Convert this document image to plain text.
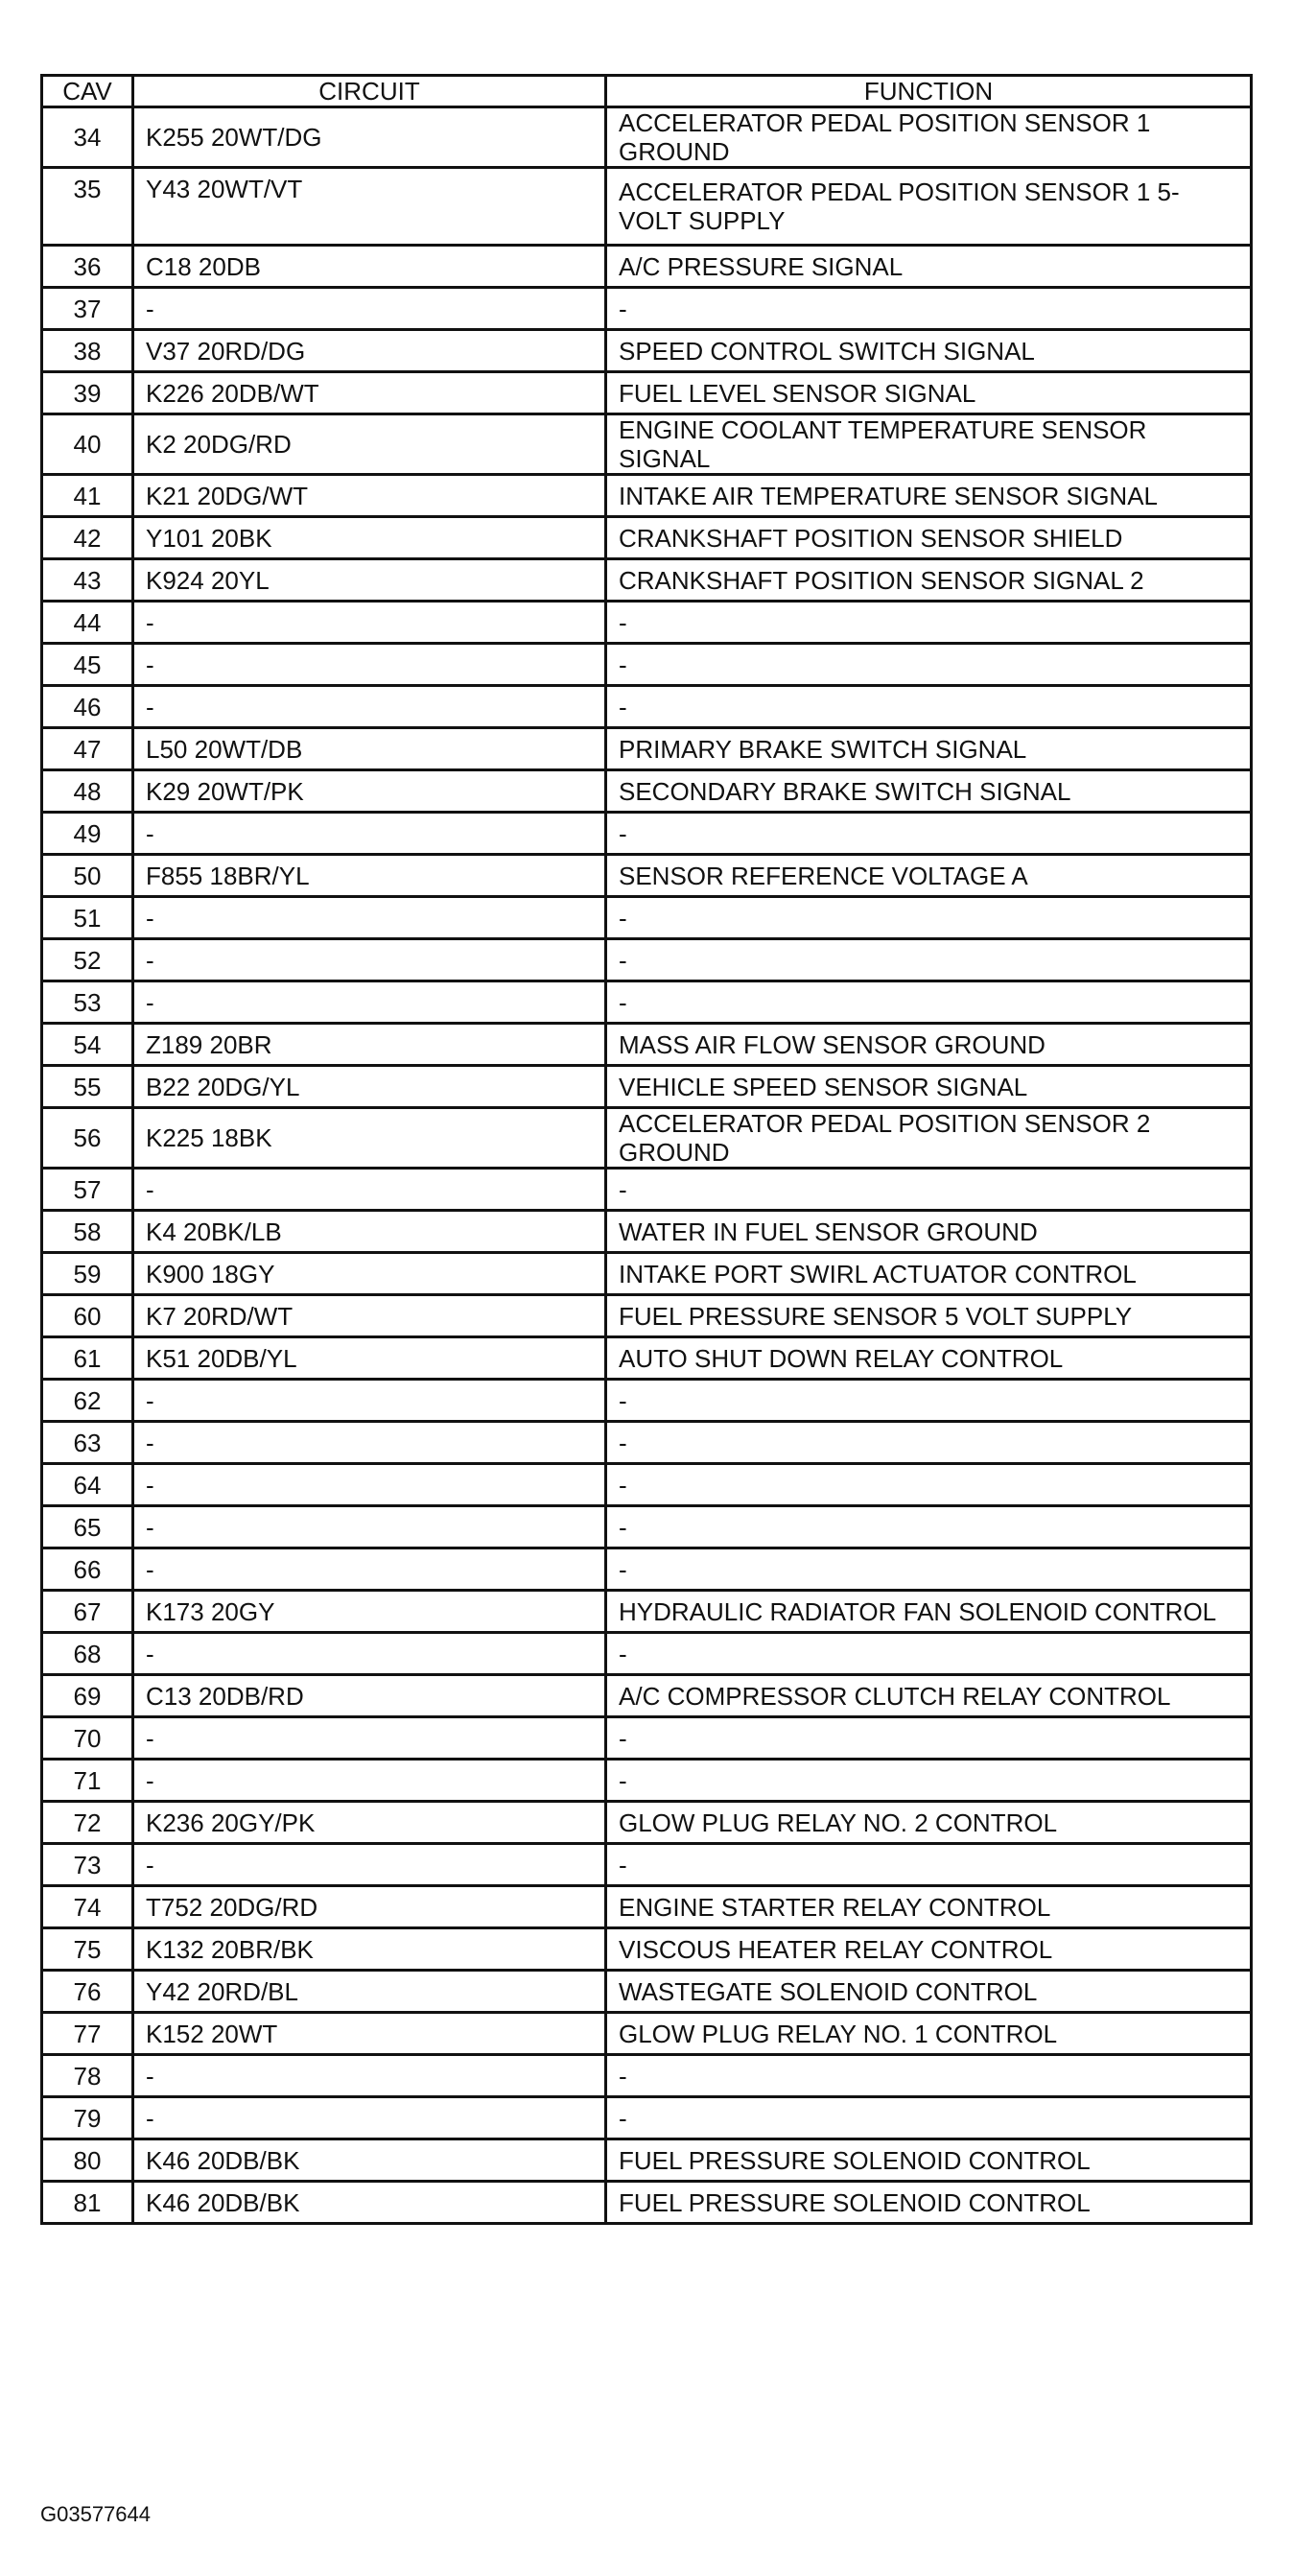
CAV	CIRCUIT	FUNCTION
34	K255 20WT/DG	ACCELERATOR PEDAL POSITION SENSOR 1 GROUND
35	Y43 20WT/VT	ACCELERATOR PEDAL POSITION SENSOR 1 5-VOLT SUPPLY
36	C18 20DB	A/C PRESSURE SIGNAL
37	-	-
38	V37 20RD/DG	SPEED CONTROL SWITCH SIGNAL
39	K226 20DB/WT	FUEL LEVEL SENSOR SIGNAL
40	K2 20DG/RD	ENGINE COOLANT TEMPERATURE SENSOR SIGNAL
41	K21 20DG/WT	INTAKE AIR TEMPERATURE SENSOR SIGNAL
42	Y101 20BK	CRANKSHAFT POSITION SENSOR SHIELD
43	K924 20YL	CRANKSHAFT POSITION SENSOR SIGNAL 2
44	-	-
45	-	-
46	-	-
47	L50 20WT/DB	PRIMARY BRAKE SWITCH SIGNAL
48	K29 20WT/PK	SECONDARY BRAKE SWITCH SIGNAL
49	-	-
50	F855 18BR/YL	SENSOR REFERENCE VOLTAGE A
51	-	-
52	-	-
53	-	-
54	Z189 20BR	MASS AIR FLOW SENSOR GROUND
55	B22 20DG/YL	VEHICLE SPEED SENSOR SIGNAL
56	K225 18BK	ACCELERATOR PEDAL POSITION SENSOR 2 GROUND
57	-	-
58	K4 20BK/LB	WATER IN FUEL SENSOR GROUND
59	K900 18GY	INTAKE PORT SWIRL ACTUATOR CONTROL
60	K7 20RD/WT	FUEL PRESSURE SENSOR 5 VOLT SUPPLY
61	K51 20DB/YL	AUTO SHUT DOWN RELAY CONTROL
62	-	-
63	-	-
64	-	-
65	-	-
66	-	-
67	K173 20GY	HYDRAULIC RADIATOR FAN SOLENOID CONTROL
68	-	-
69	C13 20DB/RD	A/C COMPRESSOR CLUTCH RELAY CONTROL
70	-	-
71	-	-
72	K236 20GY/PK	GLOW PLUG RELAY NO. 2 CONTROL
73	-	-
74	T752 20DG/RD	ENGINE STARTER RELAY CONTROL
75	K132 20BR/BK	VISCOUS HEATER RELAY CONTROL
76	Y42 20RD/BL	WASTEGATE SOLENOID CONTROL
77	K152 20WT	GLOW PLUG RELAY NO. 1 CONTROL
78	-	-
79	-	-
80	K46 20DB/BK	FUEL PRESSURE SOLENOID CONTROL
81	K46 20DB/BK	FUEL PRESSURE SOLENOID CONTROL
G03577644
